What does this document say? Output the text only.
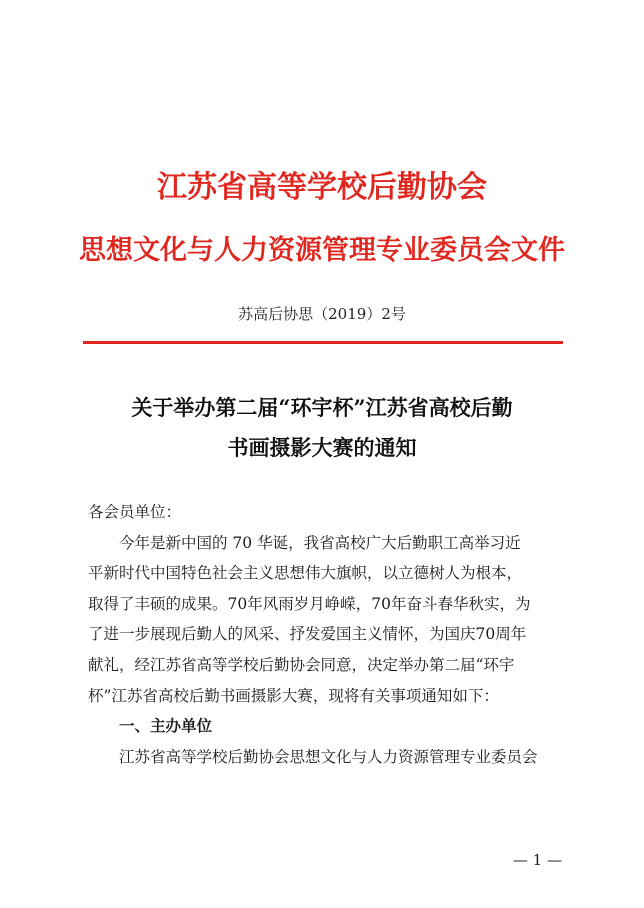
江苏省高等学校后勤协会
思想文化与人力资源管理专业委员会文件
苏高后协思（2019）2号
关于举办第二届“环宇杯”江苏省高校后勤
书画摄影大赛的通知

各会员单位：

今年是新中国的 70 华诞，我省高校广大后勤职工高举习近

平新时代中国特色社会主义思想伟大旗帜，以立德树人为根本，

取得了丰硕的成果。70年风雨岁月峥嵘，70年奋斗春华秋实，为

了进一步展现后勤人的风采、抒发爱国主义情怀，为国庆70周年

献礼，经江苏省高等学校后勤协会同意，决定举办第二届“环宇

杯”江苏省高校后勤书画摄影大赛，现将有关事项通知如下：

一、主办单位

江苏省高等学校后勤协会思想文化与人力资源管理专业委员会

— 1 —
